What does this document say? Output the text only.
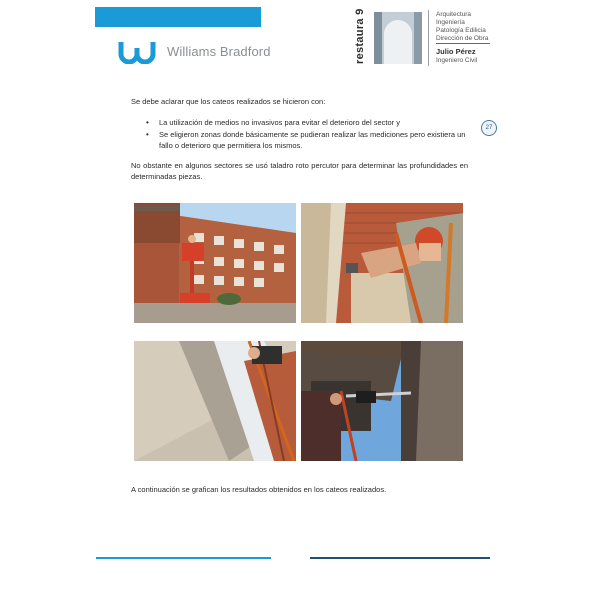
Williams Bradford	restaura 9	Arquitectura
Ingeniería
Patología Edilicia
Dirección de Obra
Julio Pérez
Ingeniero Civil
27
Se debe aclarar que los cateos realizados se hicieron con:
• La utilización de medios no invasivos para evitar el deterioro del sector y
• Se eligieron zonas donde básicamente se pudieran realizar las mediciones pero existiera un fallo o deterioro que permitiera los mismos.
No obstante en algunos sectores se usó taladro roto percutor para determinar las profundidades en determinadas piezas.
A continuación se grafican los resultados obtenidos en los cateos realizados.
